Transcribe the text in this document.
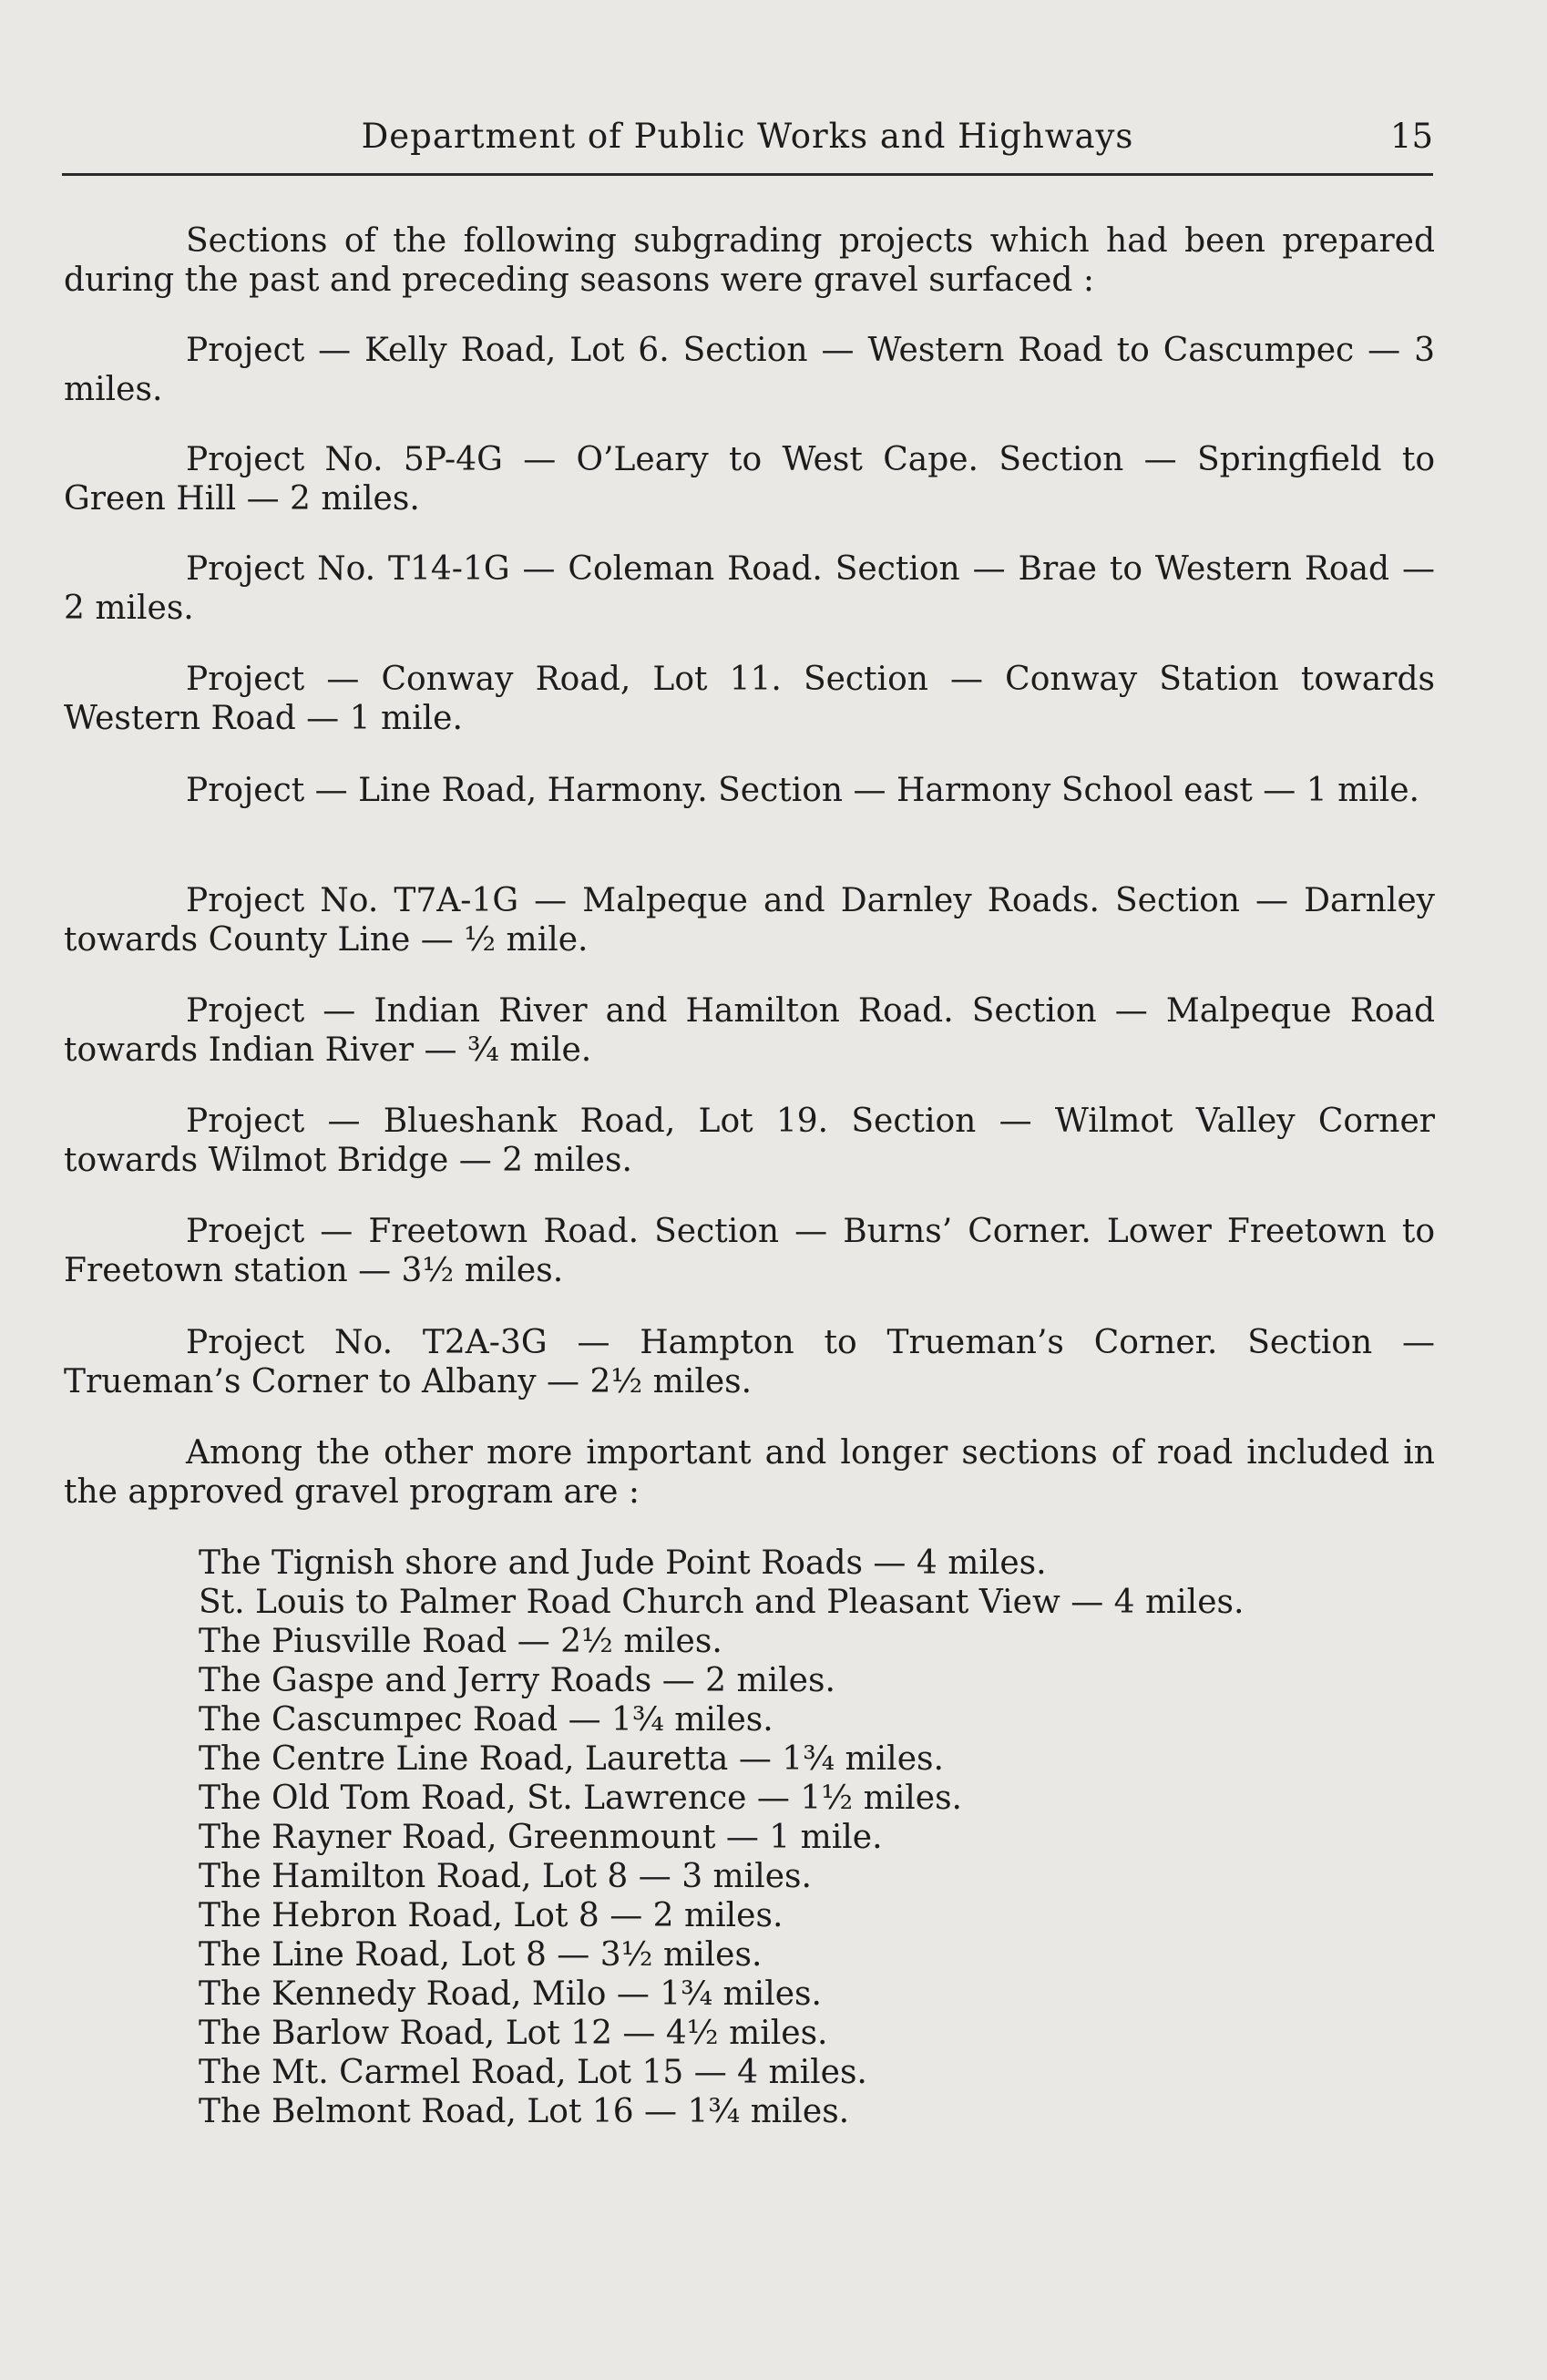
Department of Public Works and Highways	15

Sections of the following subgrading projects which had been prepared during the past and preceding seasons were gravel surfaced :

Project — Kelly Road, Lot 6. Section — Western Road to Cascumpec — 3 miles.

Project No. 5P-4G — O’Leary to West Cape. Section — Springfield to Green Hill — 2 miles.

Project No. T14-1G — Coleman Road. Section — Brae to Western Road — 2 miles.

Project — Conway Road, Lot 11. Section — Conway Station towards Western Road — 1 mile.

Project — Line Road, Harmony. Section — Harmony School east — 1 mile.

Project No. T7A-1G — Malpeque and Darnley Roads. Section — Darnley towards County Line — ½ mile.

Project — Indian River and Hamilton Road. Section — Malpeque Road towards Indian River — ¾ mile.

Project — Blueshank Road, Lot 19. Section — Wilmot Valley Corner towards Wilmot Bridge — 2 miles.

Proejct — Freetown Road. Section — Burns’ Corner. Lower Freetown to Freetown station — 3½ miles.

Project No. T2A-3G — Hampton to Trueman’s Corner. Section — Trueman’s Corner to Albany — 2½ miles.

Among the other more important and longer sections of road included in the approved gravel program are :

The Tignish shore and Jude Point Roads — 4 miles.
St. Louis to Palmer Road Church and Pleasant View — 4 miles.
The Piusville Road — 2½ miles.
The Gaspe and Jerry Roads — 2 miles.
The Cascumpec Road — 1¾ miles.
The Centre Line Road, Lauretta — 1¾ miles.
The Old Tom Road, St. Lawrence — 1½ miles.
The Rayner Road, Greenmount — 1 mile.
The Hamilton Road, Lot 8 — 3 miles.
The Hebron Road, Lot 8 — 2 miles.
The Line Road, Lot 8 — 3½ miles.
The Kennedy Road, Milo — 1¾ miles.
The Barlow Road, Lot 12 — 4½ miles.
The Mt. Carmel Road, Lot 15 — 4 miles.
The Belmont Road, Lot 16 — 1¾ miles.
